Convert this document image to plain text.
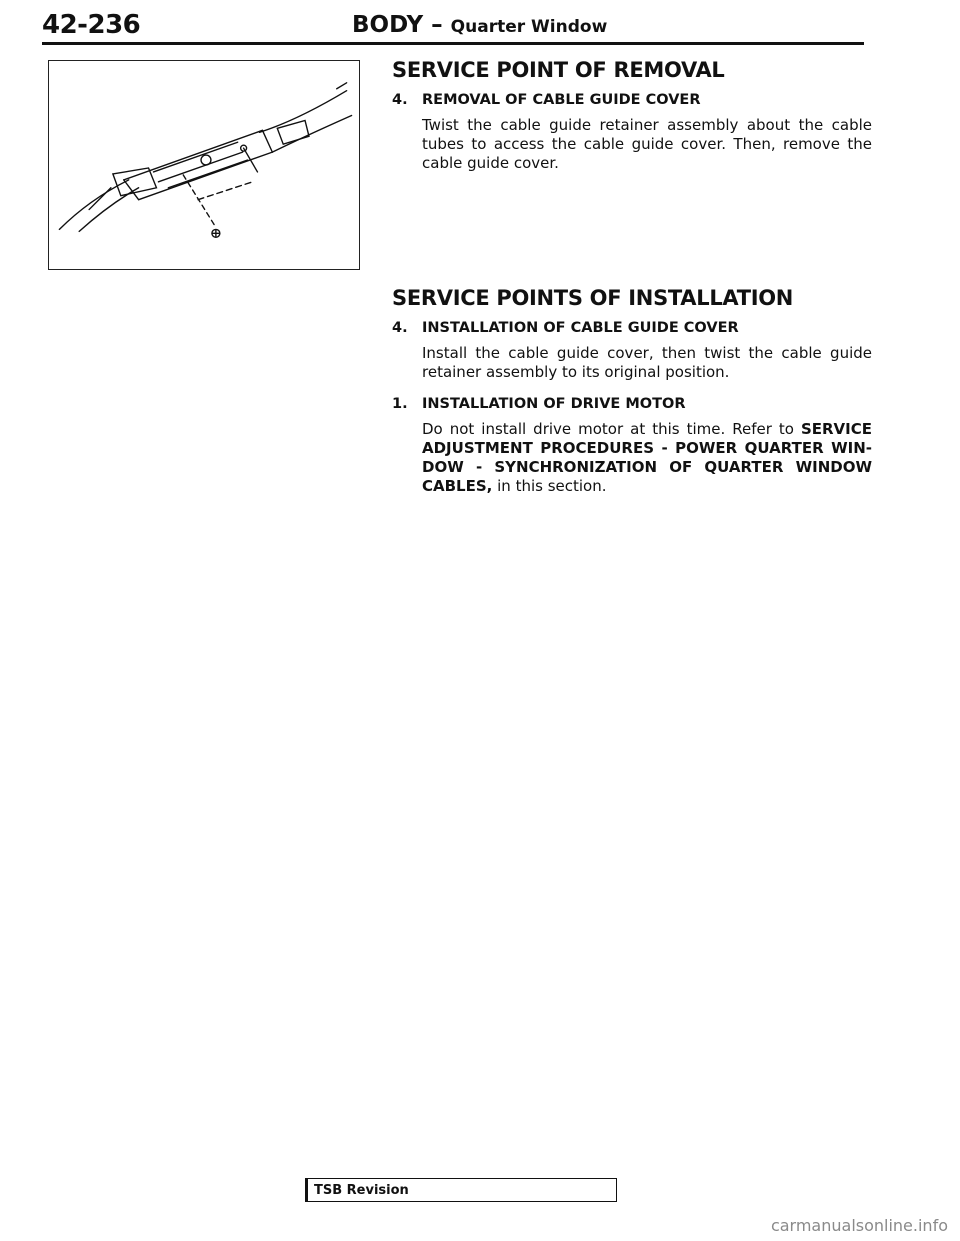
42-236	BODY – Quarter Window
SERVICE POINT OF REMOVAL
4. REMOVAL OF CABLE GUIDE COVER
Twist the cable guide retainer assembly about the cable tubes to access the cable guide cover. Then, remove the cable guide cover.
SERVICE POINTS OF INSTALLATION
4. INSTALLATION OF CABLE GUIDE COVER
Install the cable guide cover, then twist the cable guide retainer assembly to its original position.
1. INSTALLATION OF DRIVE MOTOR
Do not install drive motor at this time. Refer to SERVICE ADJUSTMENT PROCEDURES - POWER QUARTER WIN-DOW - SYNCHRONIZATION OF QUARTER WINDOW CABLES, in this section.
TSB Revision
carmanualsonline.info
